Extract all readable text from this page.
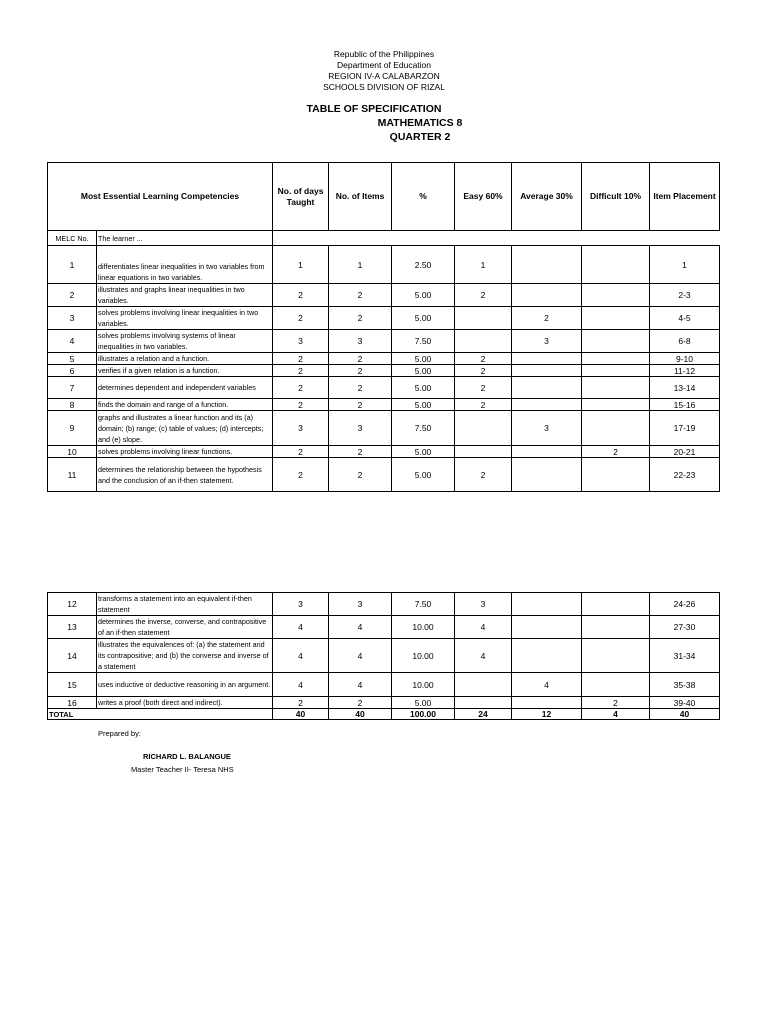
Republic of the Philippines
Department of Education
REGION IV-A CALABARZON
SCHOOLS DIVISION OF RIZAL
TABLE OF SPECIFICATION
MATHEMATICS 8
QUARTER 2
Most Essential Learning Competencies		No. of days Taught	No. of Items	%	Easy 60%	Average 30%	Difficult 10%	Item Placement
MELC No.	The learner ...							
1	differentiates linear inequalities in two variables from linear equations in two variables.	1	1	2.50	1			1
2	illustrates and graphs linear inequalities in two variables.	2	2	5.00	2			2-3
3	solves problems involving linear inequalities in two variables.	2	2	5.00		2		4-5
4	solves problems involving systems of linear inequalities in two variables.	3	3	7.50		3		6-8
5	illustrates a relation and a function.	2	2	5.00	2			9-10
6	verifies if a given relation is a function.	2	2	5.00	2			11-12
7	determines dependent and independent variables	2	2	5.00	2			13-14
8	finds the domain and range of a function.	2	2	5.00	2			15-16
9	graphs and illustrates a linear function and its (a) domain; (b) range; (c) table of values; (d) intercepts; and (e) slope.	3	3	7.50		3		17-19
10	solves problems involving linear functions.	2	2	5.00			2	20-21
11	determines the relationship between the hypothesis and the conclusion of an if-then statement.	2	2	5.00	2			22-23
12	transforms a statement into an equivalent if-then statement	3	3	7.50	3			24-26
13	determines the inverse, converse, and contrapositive of an if-then statement	4	4	10.00	4			27-30
14	illustrates the equivalences of: (a) the statement and its contrapositive; and (b) the converse and inverse of a statement	4	4	10.00	4			31-34
15	uses inductive or deductive reasoning in an argument.	4	4	10.00		4		35-38
16	writes a proof (both direct and indirect).	2	2	5.00			2	39-40
TOTAL		40	40	100.00	24	12	4	40
Prepared by:
RICHARD L. BALANGUE
Master Teacher II- Teresa NHS
